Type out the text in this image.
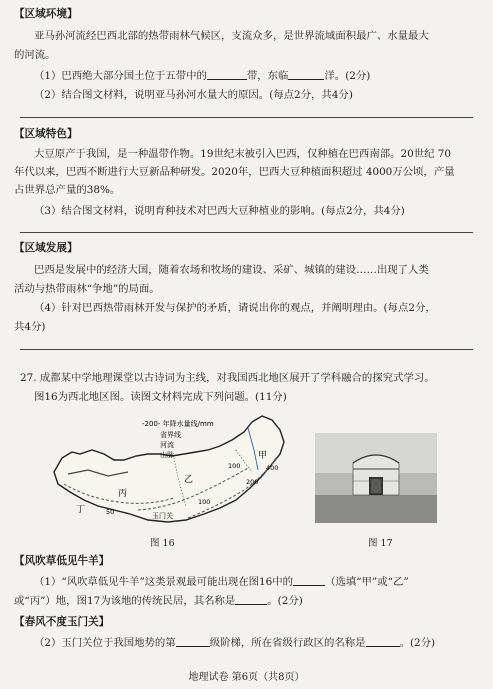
【区域环境】
亚马孙河流经巴西北部的热带雨林气候区，支流众多，是世界流域面积最广、水量最大
的河流。
（1）巴西绝大部分国土位于五带中的	带，东临	洋。(2分)
（2）结合图文材料，说明亚马孙河水量大的原因。(每点2分，共4分)
【区域特色】
大豆原产于我国，是一种温带作物。19世纪末被引入巴西，仅种植在巴西南部。20世纪 70
年代以来，巴西不断进行大豆新品种研发。2020年，巴西大豆种植面积超过 4000万公顷，产量
占世界总产量的38%。
（3）结合图文材料，说明育种技术对巴西大豆种植业的影响。(每点2分，共4分)
【区域发展】
巴西是发展中的经济大国，随着农场和牧场的建设、采矿、城镇的建设……出现了人类
活动与热带雨林“争地”的局面。
（4）针对巴西热带雨林开发与保护的矛盾，请说出你的观点，并阐明理由。(每点2分，
共4分)
27. 成都某中学地理课堂以古诗词为主线，对我国西北地区展开了学科融合的探究式学习。
图16为西北地区图。读图文材料完成下列问题。(11分)
-200- 年降水量线/mm
省界线
河流
山脉	甲
乙
丙
丁
玉门关
100
100
200
400
50
图 16	图 17
【风吹草低见牛羊】
（1）“风吹草低见牛羊”这类景观最可能出现在图16中的	（选填“甲”或“乙”
或“丙”）地，图17为该地的传统民居，其名称是	。(2分)
【春风不度玉门关】
（2）玉门关位于我国地势的第	级阶梯，所在省级行政区的名称是	。(2分)
地理试卷 第6页（共8页）
